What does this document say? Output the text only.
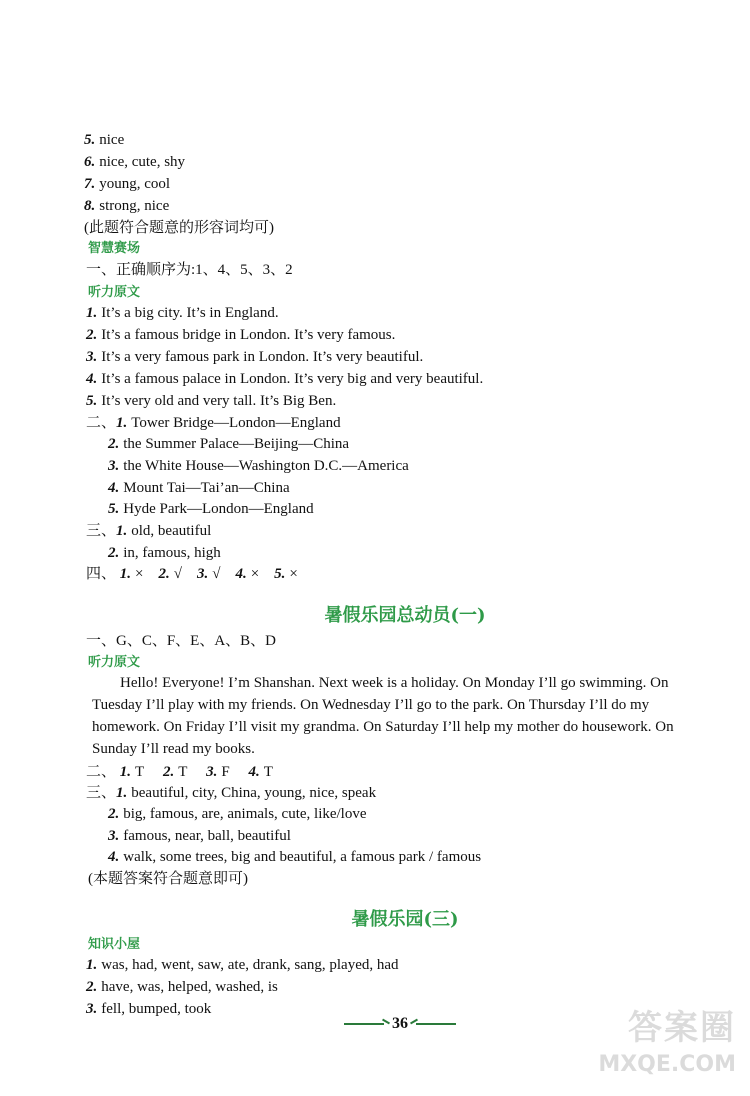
5. nice
6. nice, cute, shy
7. young, cool
8. strong, nice
(此题符合题意的形容词均可)
智慧赛场
一、正确顺序为:1、4、5、3、2
听力原文
1. It’s a big city. It’s in England.
2. It’s a famous bridge in London. It’s very famous.
3. It’s a very famous park in London. It’s very beautiful.
4. It’s a famous palace in London. It’s very big and very beautiful.
5. It’s very old and very tall. It’s Big Ben.
二、1. Tower Bridge—London—England
2. the Summer Palace—Beijing—China
3. the White House—Washington D.C.—America
4. Mount Tai—Tai’an—China
5. Hyde Park—London—England
三、1. old, beautiful
2. in, famous, high
四、 1. × 2. √ 3. √ 4. × 5. ×
暑假乐园总动员(一)
一、G、C、F、E、A、B、D
听力原文
Hello! Everyone! I’m Shanshan. Next week is a holiday. On Monday I’ll go swimming. On Tuesday I’ll play with my friends. On Wednesday I’ll go to the park. On Thursday I’ll do my homework. On Friday I’ll visit my grandma. On Saturday I’ll help my mother do housework. On Sunday I’ll read my books.
二、 1. T 2. T 3. F 4. T
三、1. beautiful, city, China, young, nice, speak
2. big, famous, are, animals, cute, like/love
3. famous, near, ball, beautiful
4. walk, some trees, big and beautiful, a famous park / famous
(本题答案符合题意即可)
暑假乐园(三)
知识小屋
1. was, had, went, saw, ate, drank, sang, played, had
2. have, was, helped, washed, is
3. fell, bumped, took
36	答案圈
MXQE.COM
